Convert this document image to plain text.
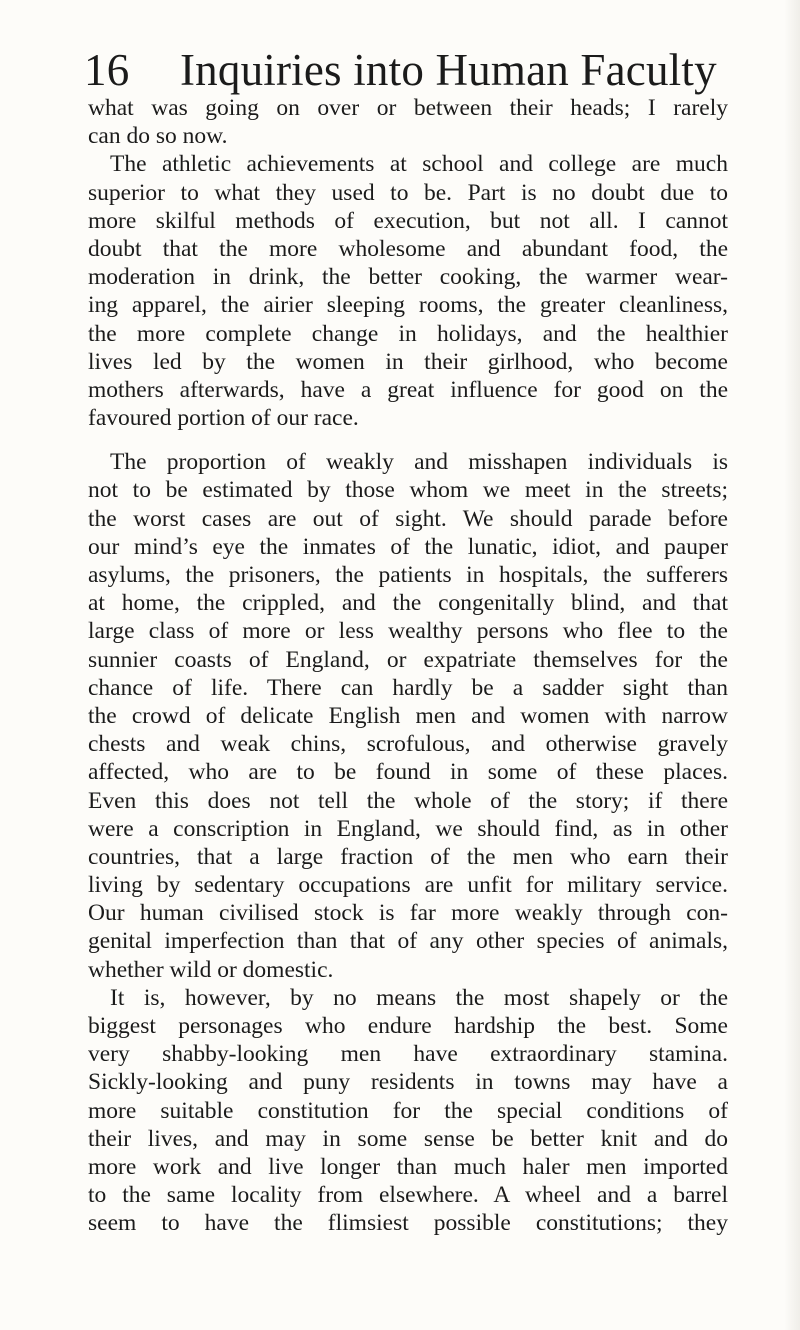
16 Inquiries into Human Faculty
what was going on over or between their heads; I rarely
can do so now.
The athletic achievements at school and college are much
superior to what they used to be. Part is no doubt due to
more skilful methods of execution, but not all. I cannot
doubt that the more wholesome and abundant food, the
moderation in drink, the better cooking, the warmer wear-
ing apparel, the airier sleeping rooms, the greater cleanliness,
the more complete change in holidays, and the healthier
lives led by the women in their girlhood, who become
mothers afterwards, have a great influence for good on the
favoured portion of our race.
The proportion of weakly and misshapen individuals is
not to be estimated by those whom we meet in the streets;
the worst cases are out of sight. We should parade before
our mind’s eye the inmates of the lunatic, idiot, and pauper
asylums, the prisoners, the patients in hospitals, the sufferers
at home, the crippled, and the congenitally blind, and that
large class of more or less wealthy persons who flee to the
sunnier coasts of England, or expatriate themselves for the
chance of life. There can hardly be a sadder sight than
the crowd of delicate English men and women with narrow
chests and weak chins, scrofulous, and otherwise gravely
affected, who are to be found in some of these places.
Even this does not tell the whole of the story; if there
were a conscription in England, we should find, as in other
countries, that a large fraction of the men who earn their
living by sedentary occupations are unfit for military service.
Our human civilised stock is far more weakly through con-
genital imperfection than that of any other species of animals,
whether wild or domestic.
It is, however, by no means the most shapely or the
biggest personages who endure hardship the best. Some
very shabby-looking men have extraordinary stamina.
Sickly-looking and puny residents in towns may have a
more suitable constitution for the special conditions of
their lives, and may in some sense be better knit and do
more work and live longer than much haler men imported
to the same locality from elsewhere. A wheel and a barrel
seem to have the flimsiest possible constitutions; they
